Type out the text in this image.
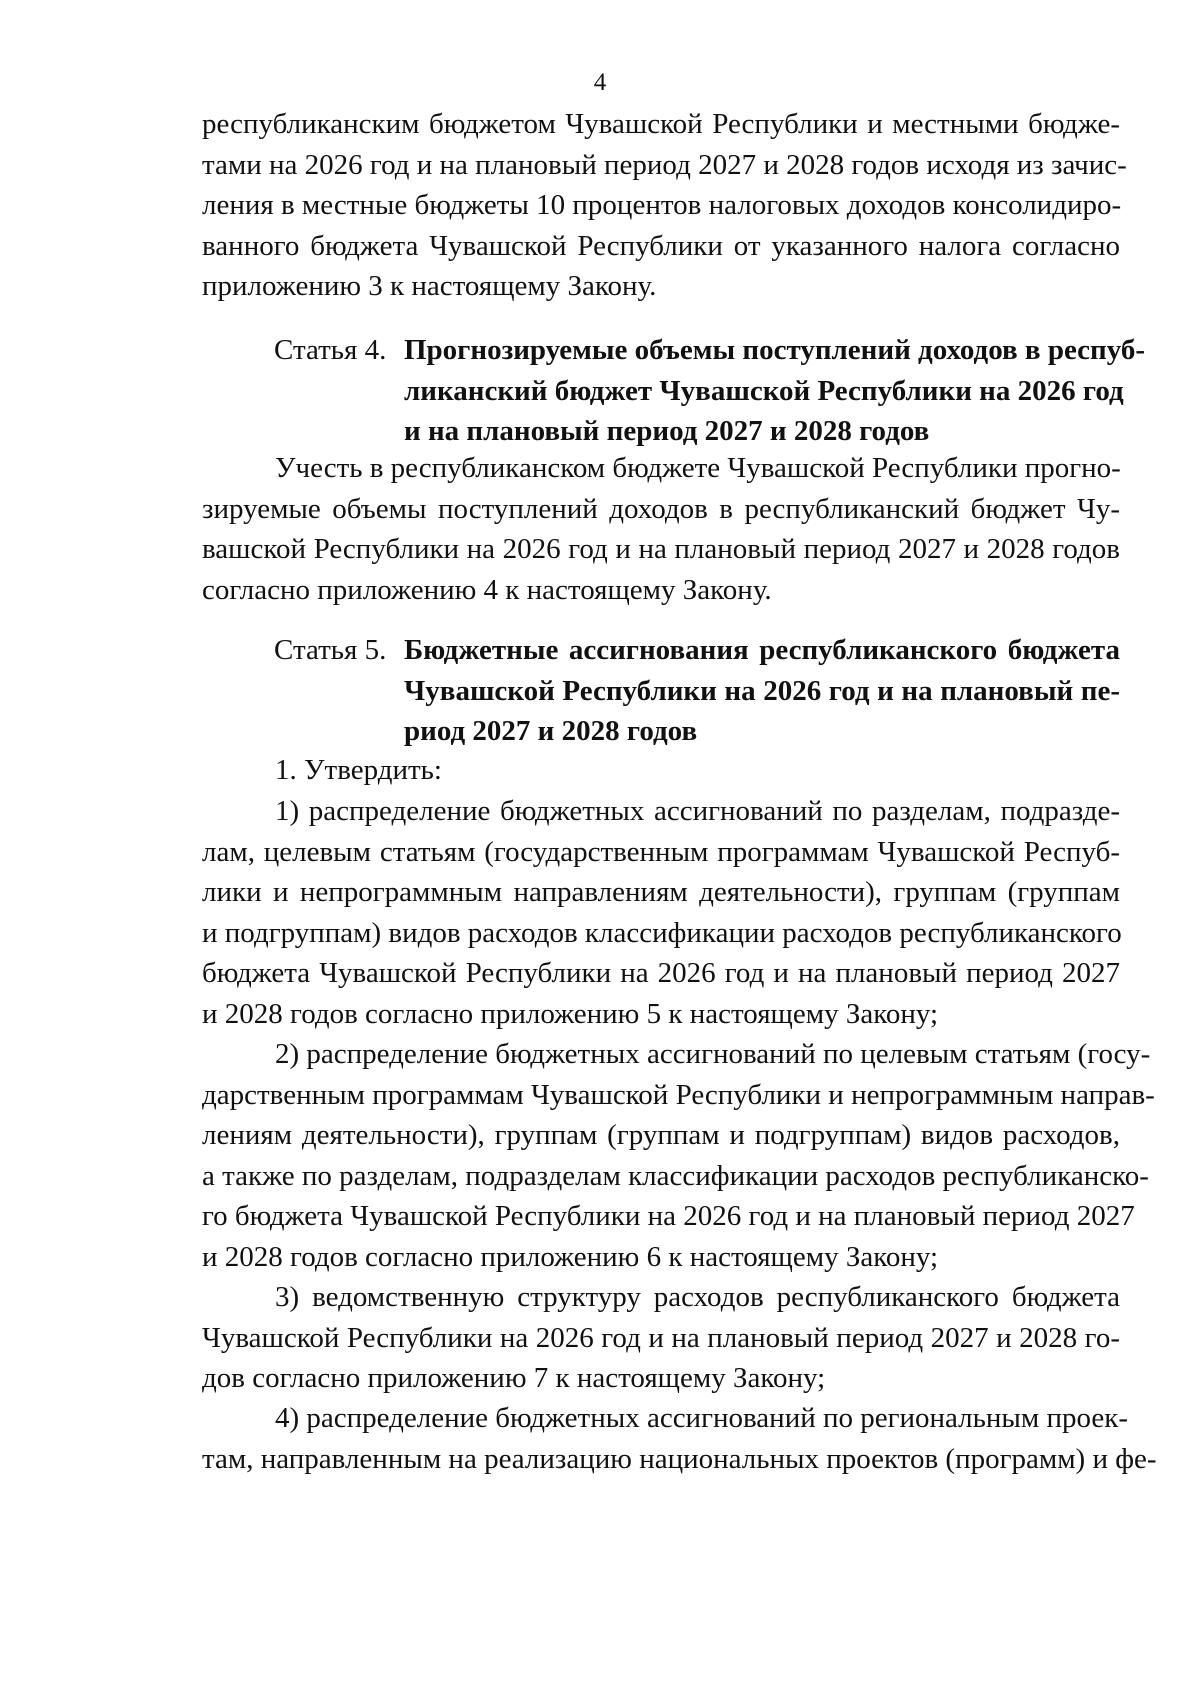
4
республиканским бюджетом Чувашской Республики и местными бюдже-
тами на 2026 год и на плановый период 2027 и 2028 годов исходя из зачис-
ления в местные бюджеты 10 процентов налоговых доходов консолидиро-
ванного бюджета Чувашской Республики от указанного налога согласно
приложению 3 к настоящему Закону.
Статья 4. Прогнозируемые объемы поступлений доходов в респуб-
ликанский бюджет Чувашской Республики на 2026 год
и на плановый период 2027 и 2028 годов
Учесть в республиканском бюджете Чувашской Республики прогно-
зируемые объемы поступлений доходов в республиканский бюджет Чу-
вашской Республики на 2026 год и на плановый период 2027 и 2028 годов
согласно приложению 4 к настоящему Закону.
Статья 5. Бюджетные ассигнования республиканского бюджета
Чувашской Республики на 2026 год и на плановый пе-
риод 2027 и 2028 годов
1. Утвердить:
1) распределение бюджетных ассигнований по разделам, подразде-
лам, целевым статьям (государственным программам Чувашской Респуб-
лики и непрограммным направлениям деятельности), группам (группам
и подгруппам) видов расходов классификации расходов республиканского
бюджета Чувашской Республики на 2026 год и на плановый период 2027
и 2028 годов согласно приложению 5 к настоящему Закону;
2) распределение бюджетных ассигнований по целевым статьям (госу-
дарственным программам Чувашской Республики и непрограммным направ-
лениям деятельности), группам (группам и подгруппам) видов расходов,
а также по разделам, подразделам классификации расходов республиканско-
го бюджета Чувашской Республики на 2026 год и на плановый период 2027
и 2028 годов согласно приложению 6 к настоящему Закону;
3) ведомственную структуру расходов республиканского бюджета
Чувашской Республики на 2026 год и на плановый период 2027 и 2028 го-
дов согласно приложению 7 к настоящему Закону;
4) распределение бюджетных ассигнований по региональным проек-
там, направленным на реализацию национальных проектов (программ) и фе-
